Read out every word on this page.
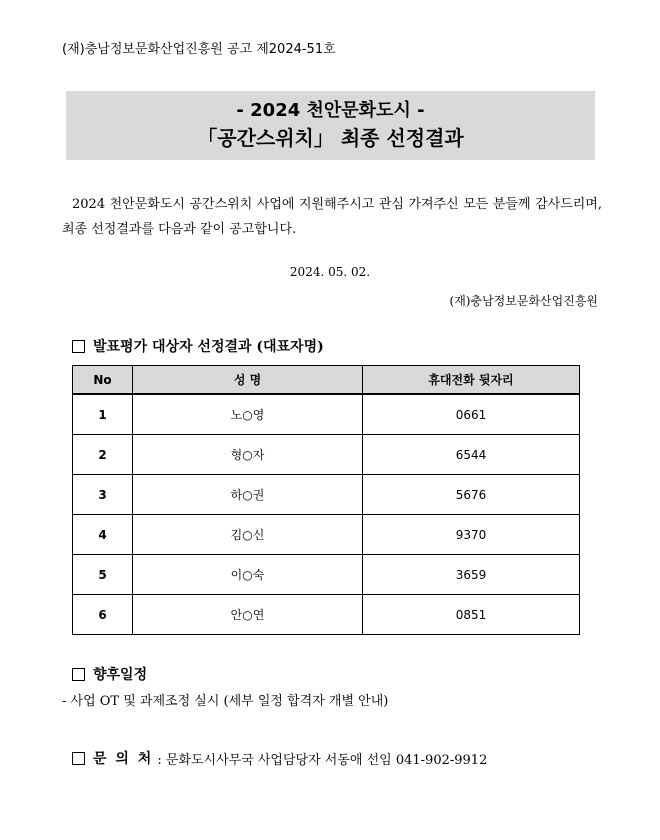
(재)충남정보문화산업진흥원 공고 제2024-51호
- 2024 천안문화도시 -
「공간스위치」 최종 선정결과
2024 천안문화도시 공간스위치 사업에 지원해주시고 관심 가져주신 모든 분들께 감사드리며, 최종 선정결과를 다음과 같이 공고합니다.
2024. 05. 02.
(재)충남정보문화산업진흥원
발표평가 대상자 선정결과 (대표자명)
No	성 명	휴대전화 뒷자리
1	노○영	0661
2	형○자	6544
3	하○권	5676
4	김○신	9370
5	이○숙	3659
6	안○연	0851
향후일정
- 사업 OT 및 과제조정 실시 (세부 일정 합격자 개별 안내)
문 의 처 : 문화도시사무국 사업담당자 서동애 선임 041-902-9912
